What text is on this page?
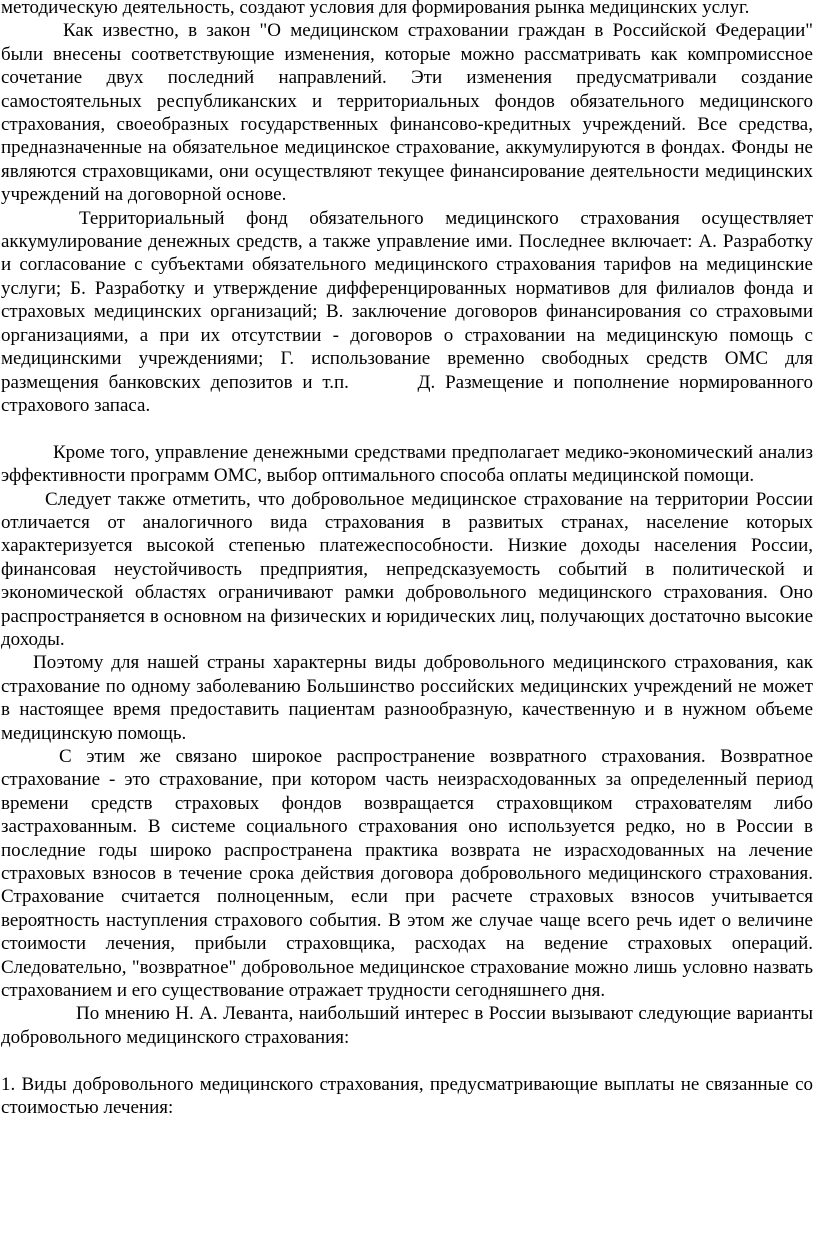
методическую деятельность, создают условия для формирования рынка медицинских услуг.

Как известно, в закон "О медицинском страховании граждан в Российской Федерации" были внесены соответствующие изменения, которые можно рассматривать как компромиссное сочетание двух последний направлений. Эти изменения предусматривали создание самостоятельных республиканских и территориальных фондов обязательного медицинского страхования, своеобразных государственных финансово-кредитных учреждений. Все средства, предназначенные на обязательное медицинское страхование, аккумулируются в фондах. Фонды не являются страховщиками, они осуществляют текущее финансирование деятельности медицинских учреждений на договорной основе.

Территориальный фонд обязательного медицинского страхования осуществляет аккумулирование денежных средств, а также управление ими. Последнее включает: А. Разработку и согласование с субъектами обязательного медицинского страхования тарифов на медицинские услуги; Б. Разработку и утверждение дифференцированных нормативов для филиалов фонда и страховых медицинских организаций; В. заключение договоров финансирования со страховыми организациями, а при их отсутствии - договоров о страховании на медицинскую помощь с медицинскими учреждениями; Г. использование временно свободных средств ОМС для размещения банковских депозитов и т.п.       Д. Размещение и пополнение нормированного страхового запаса.

Кроме того, управление денежными средствами предполагает медико-экономический анализ эффективности программ ОМС, выбор оптимального способа оплаты медицинской помощи.

Следует также отметить, что добровольное медицинское страхование на территории России отличается от аналогичного вида страхования в развитых странах, население которых характеризуется высокой степенью платежеспособности. Низкие доходы населения России, финансовая неустойчивость предприятия, непредсказуемость событий в политической и экономической областях ограничивают рамки добровольного медицинского страхования. Оно распространяется в основном на физических и юридических лиц, получающих достаточно высокие доходы.

Поэтому для нашей страны характерны виды добровольного медицинского страхования, как страхование по одному заболеванию Большинство российских медицинских учреждений не может в настоящее время предоставить пациентам разнообразную, качественную и в нужном объеме медицинскую помощь.

С этим же связано широкое распространение возвратного страхования. Возвратное страхование - это страхование, при котором часть неизрасходованных за определенный период времени средств страховых фондов возвращается страховщиком страхователям либо застрахованным. В системе социального страхования оно используется редко, но в России в последние годы широко распространена практика возврата не израсходованных на лечение страховых взносов в течение срока действия договора добровольного медицинского страхования. Страхование считается полноценным, если при расчете страховых взносов учитывается вероятность наступления страхового события. В этом же случае чаще всего речь идет о величине стоимости лечения, прибыли страховщика, расходах на ведение страховых операций. Следовательно, "возвратное" добровольное медицинское страхование можно лишь условно назвать страхованием и его существование отражает трудности сегодняшнего дня.

По мнению Н. А. Леванта, наибольший интерес в России вызывают следующие варианты добровольного медицинского страхования:

1. Виды добровольного медицинского страхования, предусматривающие выплаты не связанные со стоимостью лечения:
